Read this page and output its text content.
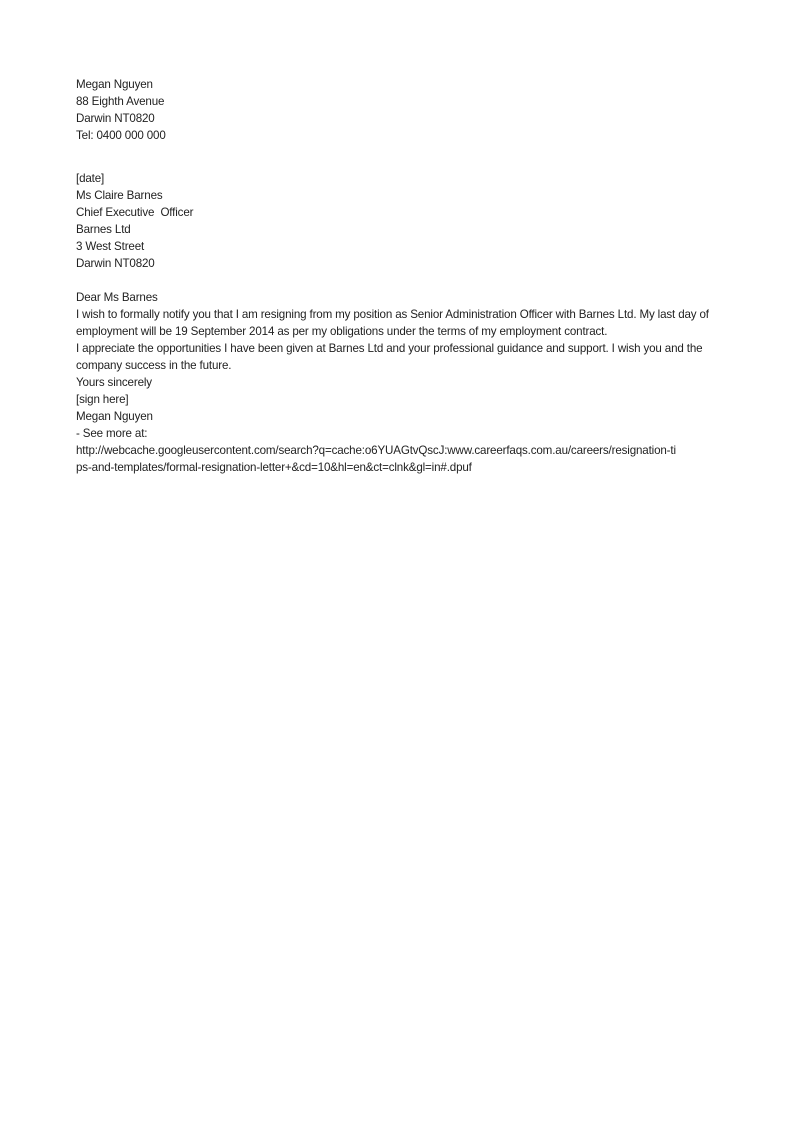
Megan Nguyen
88 Eighth Avenue
Darwin NT0820
Tel: 0400 000 000
[date]
Ms Claire Barnes
Chief Executive  Officer
Barnes Ltd
3 West Street
Darwin NT0820
Dear Ms Barnes
I wish to formally notify you that I am resigning from my position as Senior Administration Officer with Barnes Ltd. My last day of employment will be 19 September 2014 as per my obligations under the terms of my employment contract.
I appreciate the opportunities I have been given at Barnes Ltd and your professional guidance and support. I wish you and the company success in the future.
Yours sincerely
[sign here]
Megan Nguyen
- See more at:
http://webcache.googleusercontent.com/search?q=cache:o6YUAGtvQscJ:www.careerfaqs.com.au/careers/resignation-ti
ps-and-templates/formal-resignation-letter+&cd=10&hl=en&ct=clnk&gl=in#.dpuf
